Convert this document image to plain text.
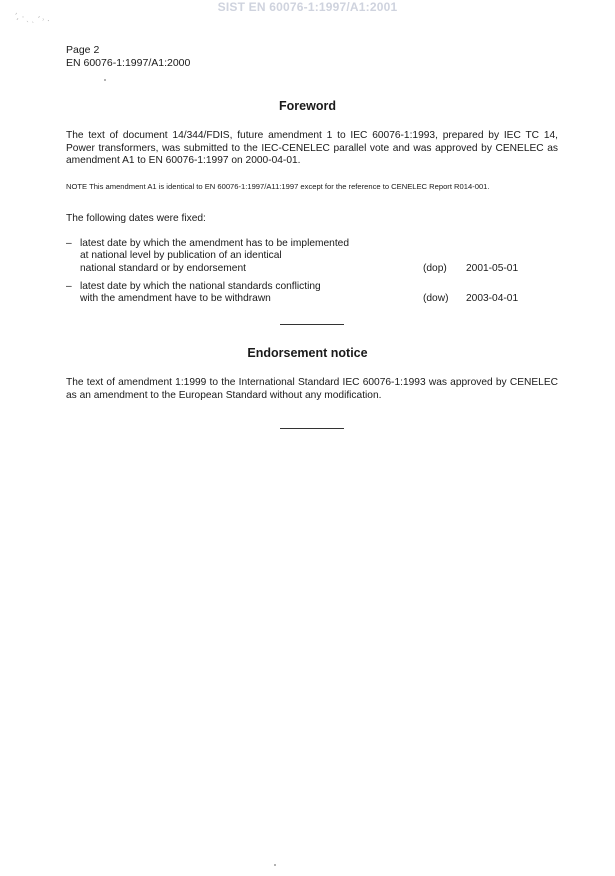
SIST EN 60076-1:1997/A1:2001
ʼ, · ˎ ˏ ʼ ˒ ·
Page 2
EN 60076-1:1997/A1:2000
Foreword
The text of document 14/344/FDIS, future amendment 1 to IEC 60076-1:1993, prepared by IEC TC 14, Power transformers, was submitted to the IEC-CENELEC parallel vote and was approved by CENELEC as amendment A1 to EN 60076-1:1997 on 2000-04-01.
NOTE This amendment A1 is identical to EN 60076-1:1997/A11:1997 except for the reference to CENELEC Report R014-001.
The following dates were fixed:
– latest date by which the amendment has to be implemented
at national level by publication of an identical
national standard or by endorsement	(dop)	2001-05-01
– latest date by which the national standards conflicting
with the amendment have to be withdrawn	(dow)	2003-04-01
Endorsement notice
The text of amendment 1:1999 to the International Standard IEC 60076-1:1993 was approved by CENELEC as an amendment to the European Standard without any modification.
